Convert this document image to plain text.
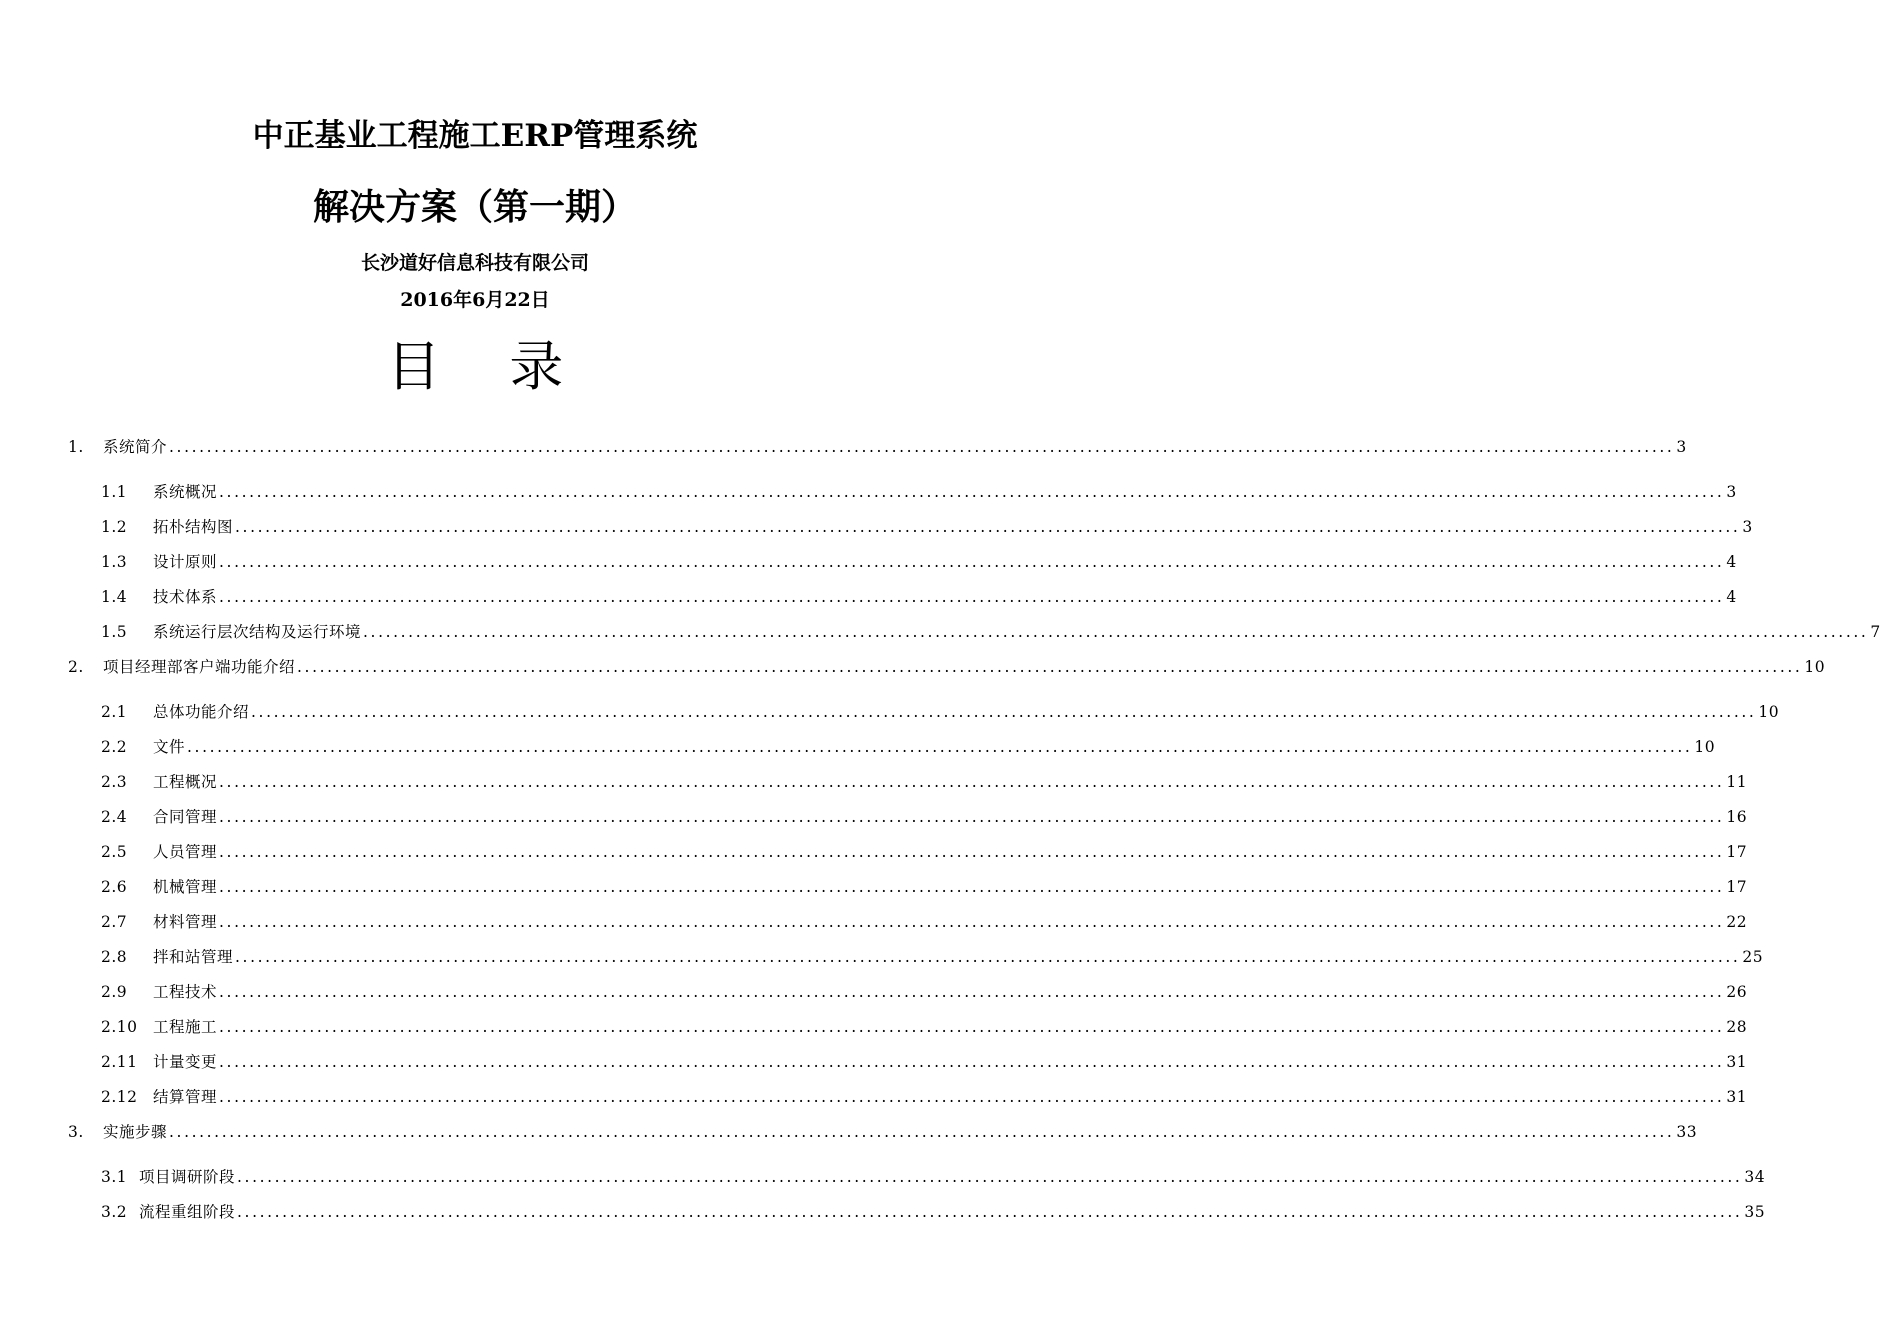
中正基业工程施工ERP管理系统
解决方案（第一期）
长沙道好信息科技有限公司
2016年6月22日
目    录
1.	系统简介 ........................................................................................................................................................................................................ 3
1.1	系统概况 ........................................................................................................................................................................................................ 3
1.2	拓朴结构图 ........................................................................................................................................................................................................ 3
1.3	设计原则 ........................................................................................................................................................................................................ 4
1.4	技术体系 ........................................................................................................................................................................................................ 4
1.5	系统运行层次结构及运行环境 ........................................................................................................................................................................................................ 7
2.	项目经理部客户端功能介绍 ........................................................................................................................................................................................................ 10
2.1	总体功能介绍 ........................................................................................................................................................................................................ 10
2.2	文件 ........................................................................................................................................................................................................ 10
2.3	工程概况 ........................................................................................................................................................................................................ 11
2.4	合同管理 ........................................................................................................................................................................................................ 16
2.5	人员管理 ........................................................................................................................................................................................................ 17
2.6	机械管理 ........................................................................................................................................................................................................ 17
2.7	材料管理 ........................................................................................................................................................................................................ 22
2.8	拌和站管理 ........................................................................................................................................................................................................ 25
2.9	工程技术 ........................................................................................................................................................................................................ 26
2.10 工程施工 ........................................................................................................................................................................................................ 28
2.11 计量变更 ........................................................................................................................................................................................................ 31
2.12 结算管理 ........................................................................................................................................................................................................ 31
3.	实施步骤 ........................................................................................................................................................................................................ 33
3.1 项目调研阶段 ........................................................................................................................................................................................................ 34
3.2 流程重组阶段 ........................................................................................................................................................................................................ 35
